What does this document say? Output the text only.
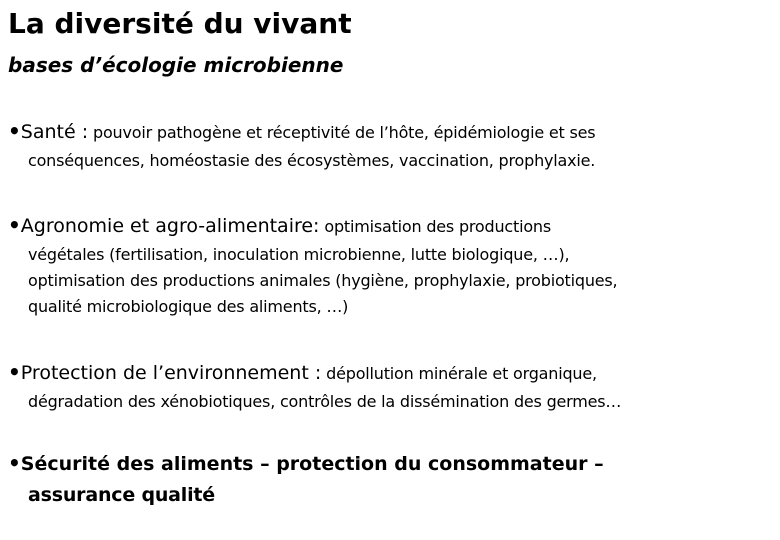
La diversité du vivant
bases d’écologie microbienne
•Santé : pouvoir pathogène et réceptivité de l’hôte, épidémiologie et ses
conséquences, homéostasie des écosystèmes, vaccination, prophylaxie.
•Agronomie et agro-alimentaire: optimisation des productions
végétales (fertilisation, inoculation microbienne, lutte biologique, …),
optimisation des productions animales (hygiène, prophylaxie, probiotiques,
qualité microbiologique des aliments, …)
•Protection de l’environnement : dépollution minérale et organique,
dégradation des xénobiotiques, contrôles de la dissémination des germes…
•Sécurité des aliments – protection du consommateur –
assurance qualité
